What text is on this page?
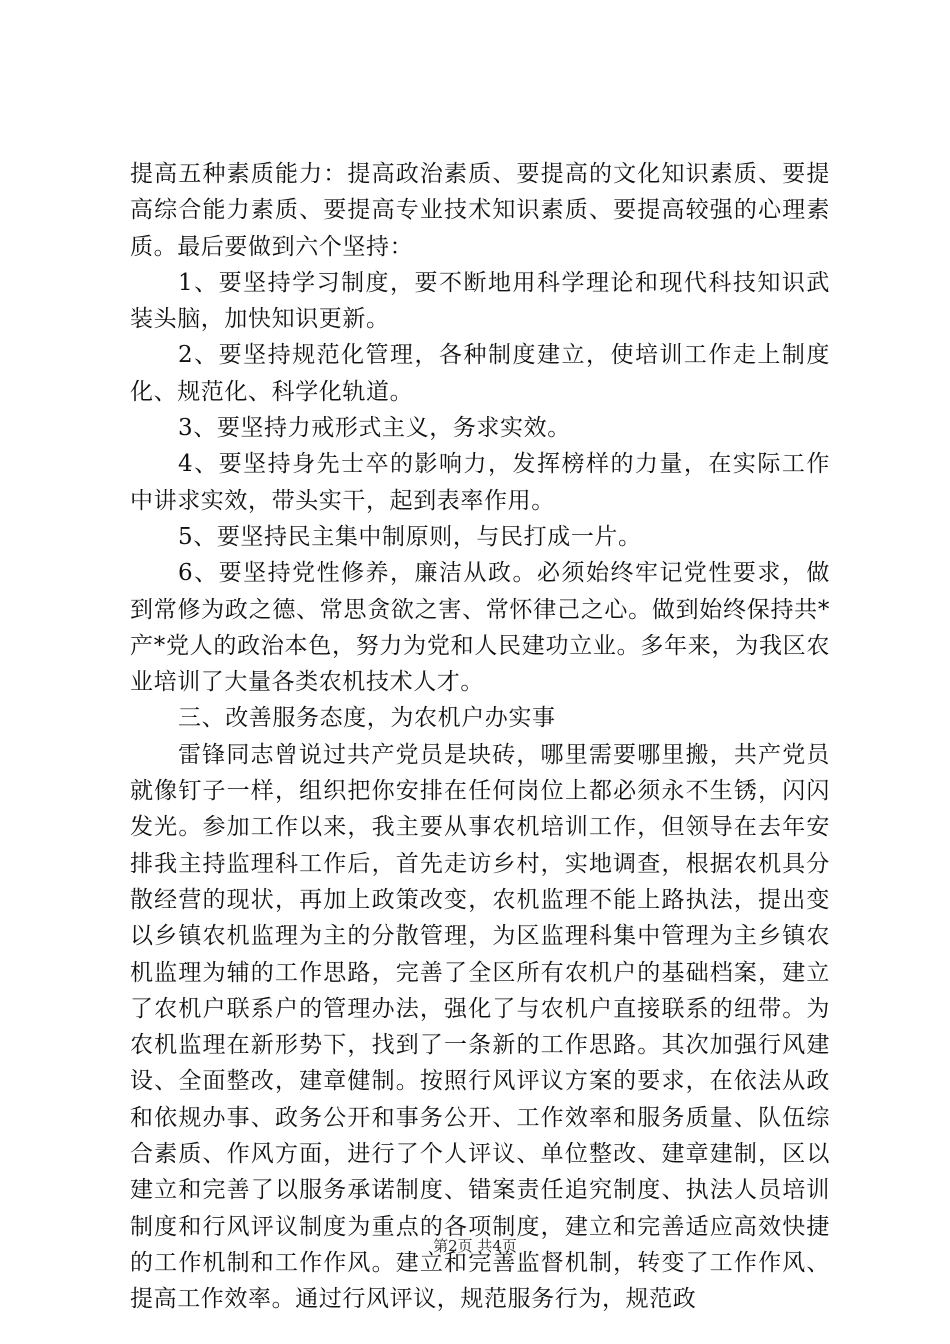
提高五种素质能力：提高政治素质、要提高的文化知识素质、要提高综合能力素质、要提高专业技术知识素质、要提高较强的心理素质。最后要做到六个坚持：

1、要坚持学习制度，要不断地用科学理论和现代科技知识武装头脑，加快知识更新。

2、要坚持规范化管理，各种制度建立，使培训工作走上制度化、规范化、科学化轨道。

3、要坚持力戒形式主义，务求实效。

4、要坚持身先士卒的影响力，发挥榜样的力量，在实际工作中讲求实效，带头实干，起到表率作用。

5、要坚持民主集中制原则，与民打成一片。

6、要坚持党性修养，廉洁从政。必须始终牢记党性要求，做到常修为政之德、常思贪欲之害、常怀律己之心。做到始终保持共*产*党人的政治本色，努力为党和人民建功立业。多年来，为我区农业培训了大量各类农机技术人才。

三、改善服务态度，为农机户办实事

雷锋同志曾说过共产党员是块砖，哪里需要哪里搬，共产党员就像钉子一样，组织把你安排在任何岗位上都必须永不生锈，闪闪发光。参加工作以来，我主要从事农机培训工作，但领导在去年安排我主持监理科工作后，首先走访乡村，实地调查，根据农机具分散经营的现状，再加上政策改变，农机监理不能上路执法，提出变以乡镇农机监理为主的分散管理，为区监理科集中管理为主乡镇农机监理为辅的工作思路，完善了全区所有农机户的基础档案，建立了农机户联系户的管理办法，强化了与农机户直接联系的纽带。为农机监理在新形势下，找到了一条新的工作思路。其次加强行风建设、全面整改，建章健制。按照行风评议方案的要求，在依法从政和依规办事、政务公开和事务公开、工作效率和服务质量、队伍综合素质、作风方面，进行了个人评议、单位整改、建章建制，区以建立和完善了以服务承诺制度、错案责任追究制度、执法人员培训制度和行风评议制度为重点的各项制度，建立和完善适应高效快捷的工作机制和工作作风。建立和完善监督机制，转变了工作作风、提高工作效率。通过行风评议，规范服务行为，规范政

第2页 共4页
